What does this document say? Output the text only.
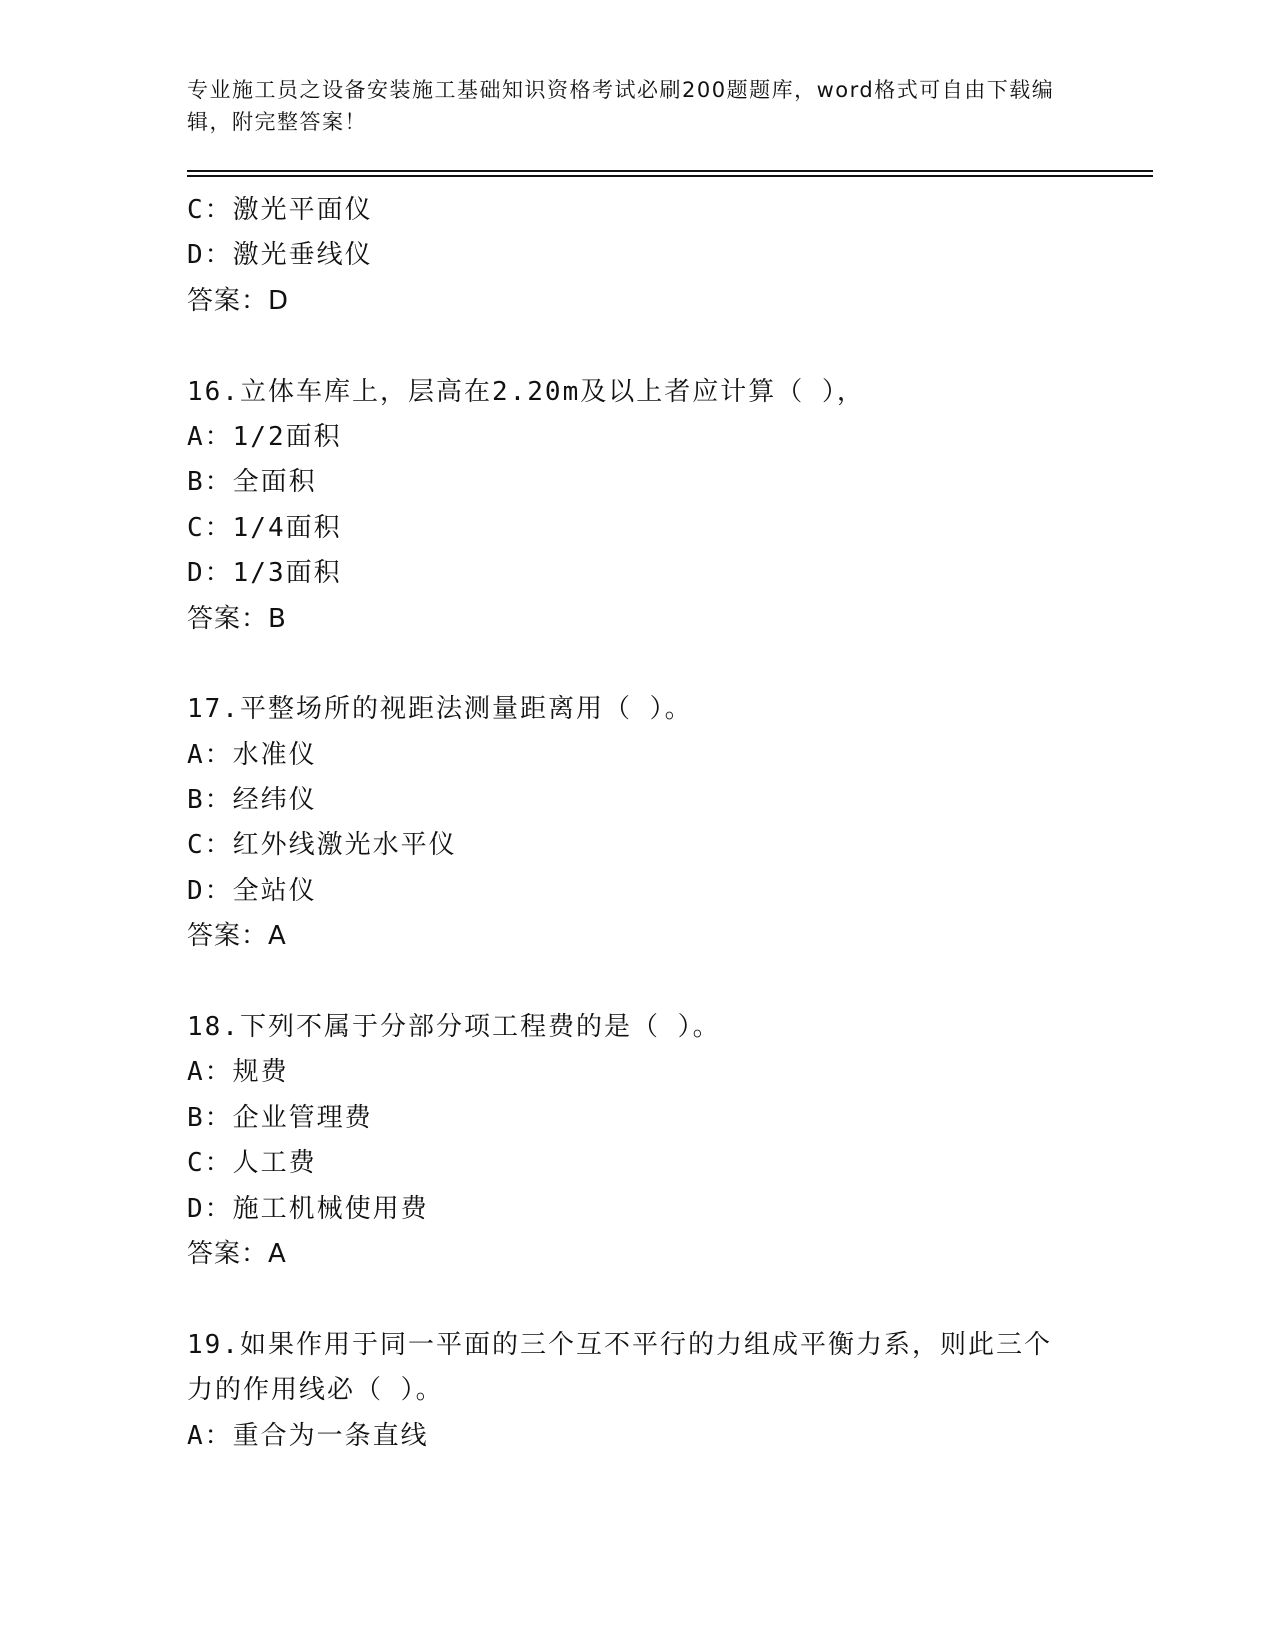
专业施工员之设备安装施工基础知识资格考试必刷200题题库，word格式可自由下载编辑，附完整答案！
C：激光平面仪
D：激光垂线仪
答案：D
16.立体车库上，层高在2.20m及以上者应计算（ ），
A：1/2面积
B：全面积
C：1/4面积
D：1/3面积
答案：B
17.平整场所的视距法测量距离用（ ）。
A：水准仪
B：经纬仪
C：红外线激光水平仪
D：全站仪
答案：A
18.下列不属于分部分项工程费的是（ ）。
A：规费
B：企业管理费
C：人工费
D：施工机械使用费
答案：A
19.如果作用于同一平面的三个互不平行的力组成平衡力系，则此三个力的作用线必（ ）。
A：重合为一条直线
